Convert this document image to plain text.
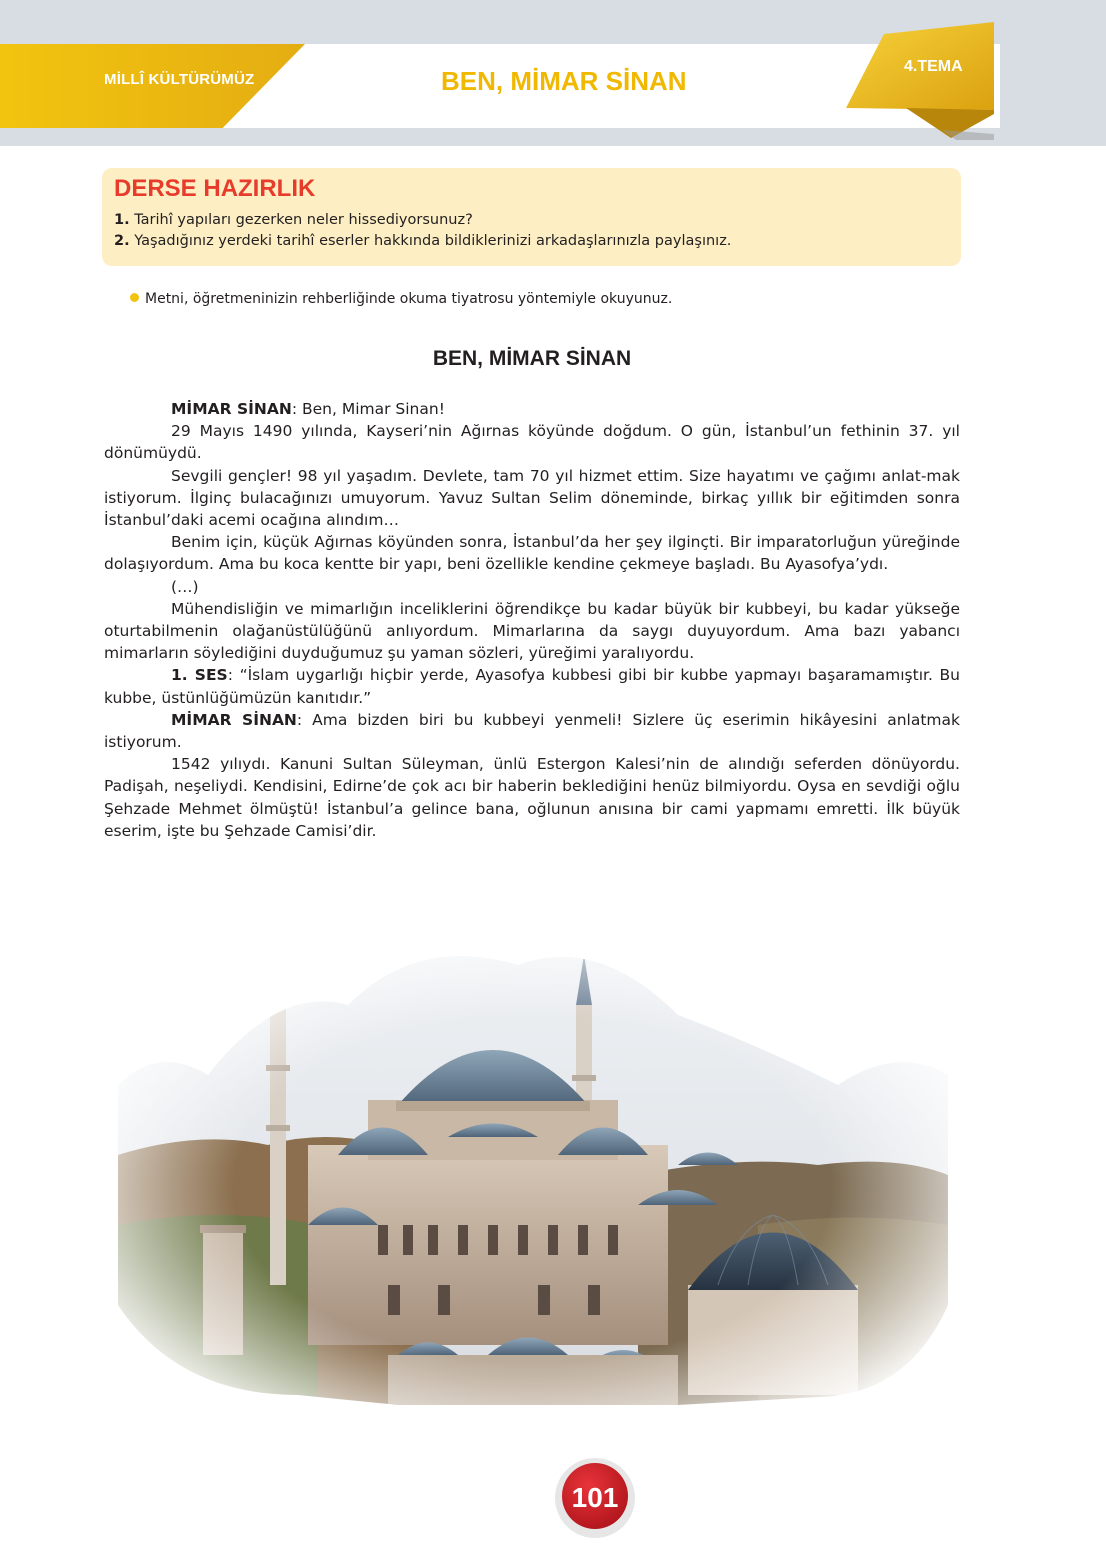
MİLLÎ KÜLTÜRÜMÜZ	BEN, MİMAR SİNAN	4.TEMA
DERSE HAZIRLIK
1. Tarihî yapıları gezerken neler hissediyorsunuz?
2. Yaşadığınız yerdeki tarihî eserler hakkında bildiklerinizi arkadaşlarınızla paylaşınız.
Metni, öğretmeninizin rehberliğinde okuma tiyatrosu yöntemiyle okuyunuz.
BEN, MİMAR SİNAN

MİMAR SİNAN: Ben, Mimar Sinan!

29 Mayıs 1490 yılında, Kayseri’nin Ağırnas köyünde doğdum. O gün, İstanbul’un fethinin 37. yıl dönümüydü.

Sevgili gençler! 98 yıl yaşadım. Devlete, tam 70 yıl hizmet ettim. Size hayatımı ve çağımı anlat-mak istiyorum. İlginç bulacağınızı umuyorum. Yavuz Sultan Selim döneminde, birkaç yıllık bir eğitimden sonra İstanbul’daki acemi ocağına alındım…

Benim için, küçük Ağırnas köyünden sonra, İstanbul’da her şey ilginçti. Bir imparatorluğun yüreğinde dolaşıyordum. Ama bu koca kentte bir yapı, beni özellikle kendine çekmeye başladı. Bu Ayasofya’ydı.

(…)

Mühendisliğin ve mimarlığın inceliklerini öğrendikçe bu kadar büyük bir kubbeyi, bu kadar yükseğe oturtabilmenin olağanüstülüğünü anlıyordum. Mimarlarına da saygı duyuyordum. Ama bazı yabancı mimarların söylediğini duyduğumuz şu yaman sözleri, yüreğimi yaralıyordu.

1. SES: “İslam uygarlığı hiçbir yerde, Ayasofya kubbesi gibi bir kubbe yapmayı başaramamıştır. Bu kubbe, üstünlüğümüzün kanıtıdır.”

MİMAR SİNAN: Ama bizden biri bu kubbeyi yenmeli! Sizlere üç eserimin hikâyesini anlatmak istiyorum.

1542 yılıydı. Kanuni Sultan Süleyman, ünlü Estergon Kalesi’nin de alındığı seferden dönüyordu. Padişah, neşeliydi. Kendisini, Edirne’de çok acı bir haberin beklediğini henüz bilmiyordu. Oysa en sevdiği oğlu Şehzade Mehmet ölmüştü! İstanbul’a gelince bana, oğlunun anısına bir cami yapmamı emretti. İlk büyük eserim, işte bu Şehzade Camisi’dir.

101
